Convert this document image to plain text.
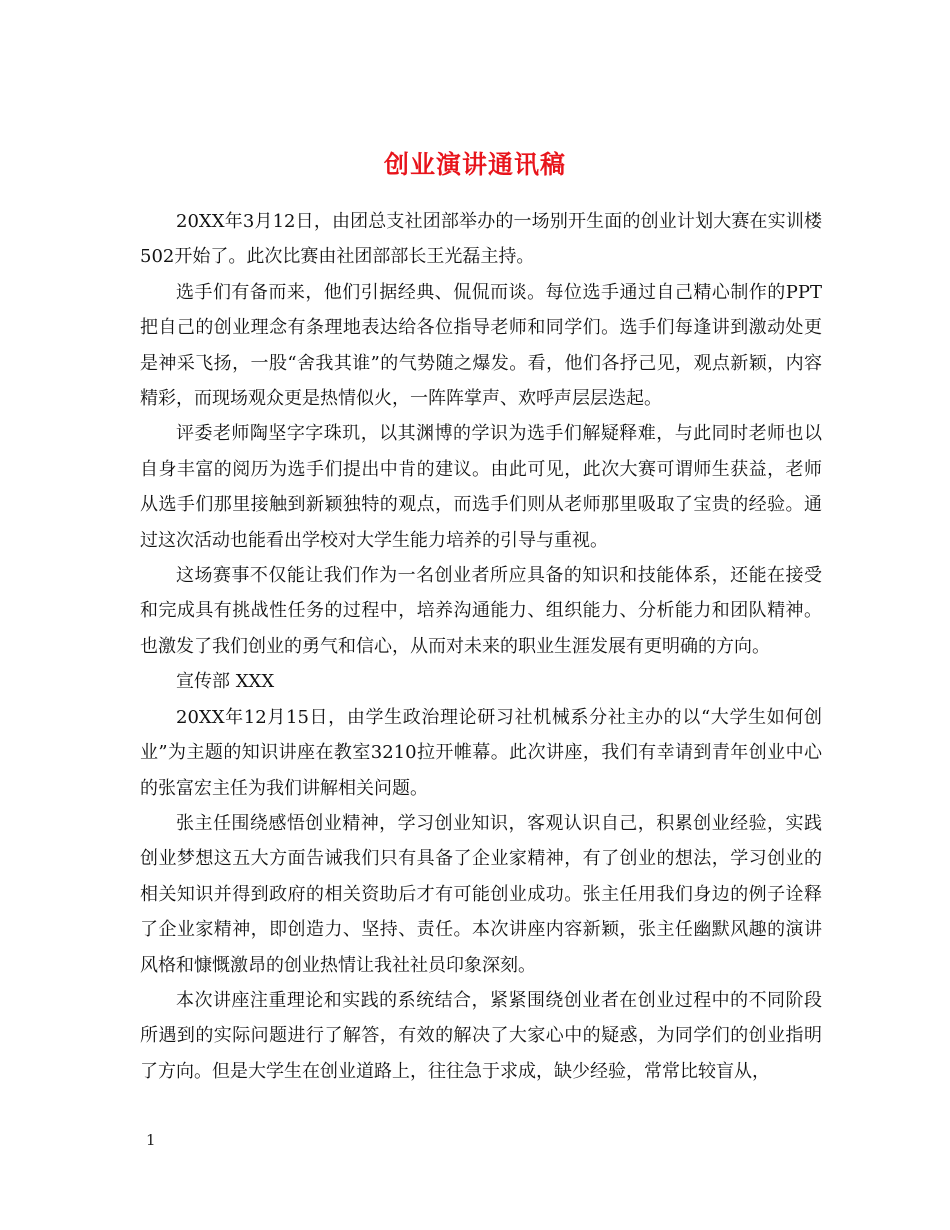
创业演讲通讯稿

20XX年3月12日，由团总支社团部举办的一场别开生面的创业计划大赛在实训楼502开始了。此次比赛由社团部部长王光磊主持。

选手们有备而来，他们引据经典、侃侃而谈。每位选手通过自己精心制作的PPT把自己的创业理念有条理地表达给各位指导老师和同学们。选手们每逢讲到激动处更是神采飞扬，一股“舍我其谁”的气势随之爆发。看，他们各抒己见，观点新颖，内容精彩，而现场观众更是热情似火，一阵阵掌声、欢呼声层层迭起。

评委老师陶坚字字珠玑，以其渊博的学识为选手们解疑释难，与此同时老师也以自身丰富的阅历为选手们提出中肯的建议。由此可见，此次大赛可谓师生获益，老师从选手们那里接触到新颖独特的观点，而选手们则从老师那里吸取了宝贵的经验。通过这次活动也能看出学校对大学生能力培养的引导与重视。

这场赛事不仅能让我们作为一名创业者所应具备的知识和技能体系，还能在接受和完成具有挑战性任务的过程中，培养沟通能力、组织能力、分析能力和团队精神。也激发了我们创业的勇气和信心，从而对未来的职业生涯发展有更明确的方向。

宣传部 XXX

20XX年12月15日，由学生政治理论研习社机械系分社主办的以“大学生如何创业”为主题的知识讲座在教室3210拉开帷幕。此次讲座，我们有幸请到青年创业中心的张富宏主任为我们讲解相关问题。

张主任围绕感悟创业精神，学习创业知识，客观认识自己，积累创业经验，实践创业梦想这五大方面告诫我们只有具备了企业家精神，有了创业的想法，学习创业的相关知识并得到政府的相关资助后才有可能创业成功。张主任用我们身边的例子诠释了企业家精神，即创造力、坚持、责任。本次讲座内容新颖，张主任幽默风趣的演讲风格和慷慨激昂的创业热情让我社社员印象深刻。

本次讲座注重理论和实践的系统结合，紧紧围绕创业者在创业过程中的不同阶段所遇到的实际问题进行了解答，有效的解决了大家心中的疑惑，为同学们的创业指明了方向。但是大学生在创业道路上，往往急于求成，缺少经验，常常比较盲从，

1
